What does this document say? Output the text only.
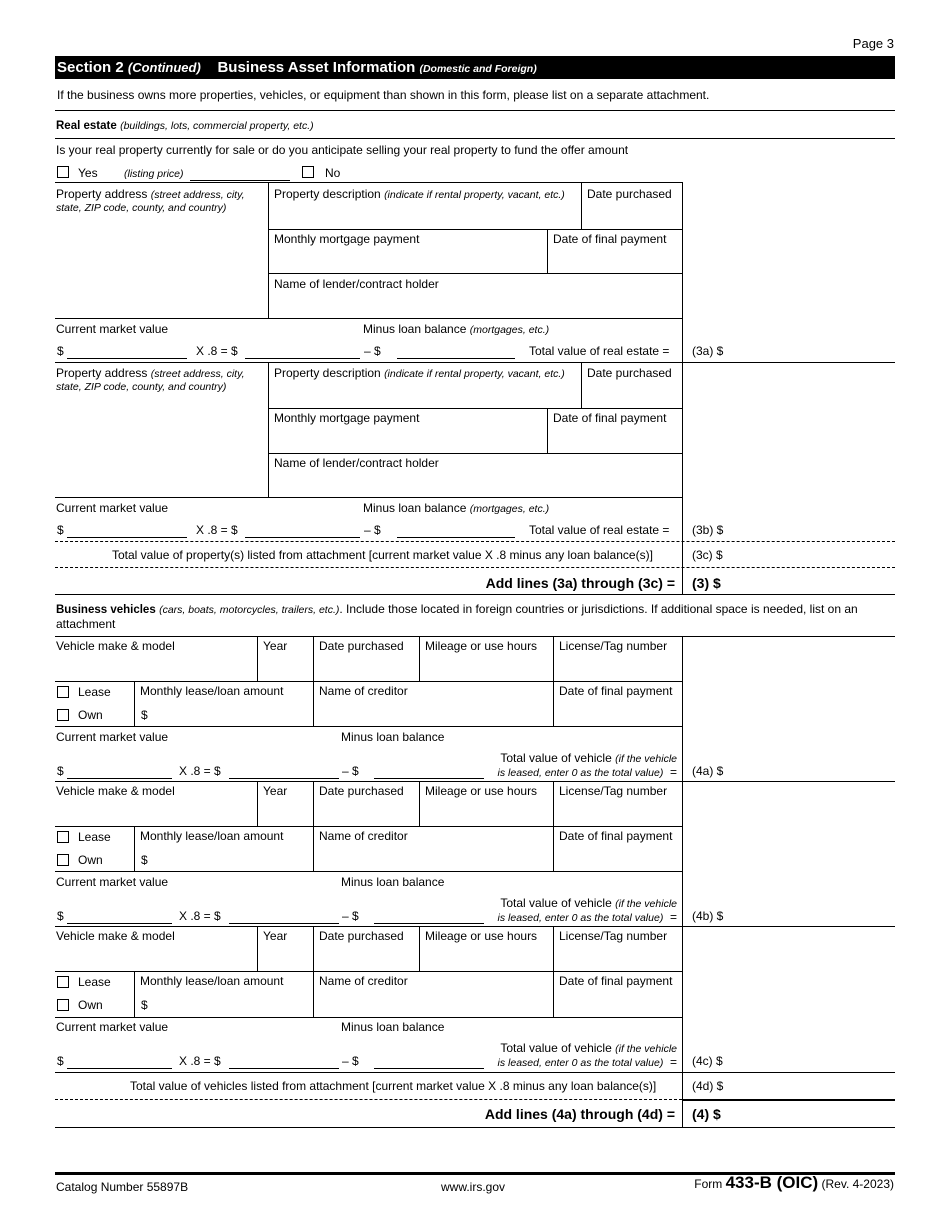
Page 3
Section 2 (Continued) Business Asset Information (Domestic and Foreign)
If the business owns more properties, vehicles, or equipment than shown in this form, please list on a separate attachment.
Real estate (buildings, lots, commercial property, etc.)
Is your real property currently for sale or do you anticipate selling your real property to fund the offer amount
Yes	(listing price)	No
Property address (street address, city,
state, ZIP code, county, and country)
Property description (indicate if rental property, vacant, etc.) Date purchased
Monthly mortgage payment	Date of final payment
Name of lender/contract holder
Current market value	Minus loan balance (mortgages, etc.)
$	X .8 = $	– $	Total value of real estate = (3a) $
Property address (street address, city,
state, ZIP code, county, and country)
Property description (indicate if rental property, vacant, etc.) Date purchased
Monthly mortgage payment	Date of final payment
Name of lender/contract holder
Current market value	Minus loan balance (mortgages, etc.)
$	X .8 = $	– $	Total value of real estate = (3b) $
Total value of property(s) listed from attachment [current market value X .8 minus any loan balance(s)]	(3c) $
Add lines (3a) through (3c) = (3) $
Business vehicles (cars, boats, motorcycles, trailers, etc.). Include those located in foreign countries or jurisdictions. If additional space is needed, list on an
attachment
Vehicle make & model	Year	Date purchased Mileage or use hours License/Tag number
Lease
Own
Monthly lease/loan amount
$
Name of creditor	Date of final payment
Current market value	Minus loan balance
Total value of vehicle (if the vehicle
is leased, enter 0 as the total value) =
$	X .8 = $	– $	(4a) $
Vehicle make & model	Year	Date purchased Mileage or use hours License/Tag number
Lease
Own
Monthly lease/loan amount
$
Name of creditor	Date of final payment
Current market value	Minus loan balance
Total value of vehicle (if the vehicle
is leased, enter 0 as the total value) =
$	X .8 = $	– $	(4b) $
Vehicle make & model	Year	Date purchased Mileage or use hours License/Tag number
Lease
Own
Monthly lease/loan amount
$
Name of creditor	Date of final payment
Current market value	Minus loan balance
Total value of vehicle (if the vehicle
is leased, enter 0 as the total value) =
$	X .8 = $	– $	(4c) $
Total value of vehicles listed from attachment [current market value X .8 minus any loan balance(s)]	(4d) $
Add lines (4a) through (4d) = (4) $
Catalog Number 55897B	www.irs.gov	Form 433-B (OIC) (Rev. 4-2023)
